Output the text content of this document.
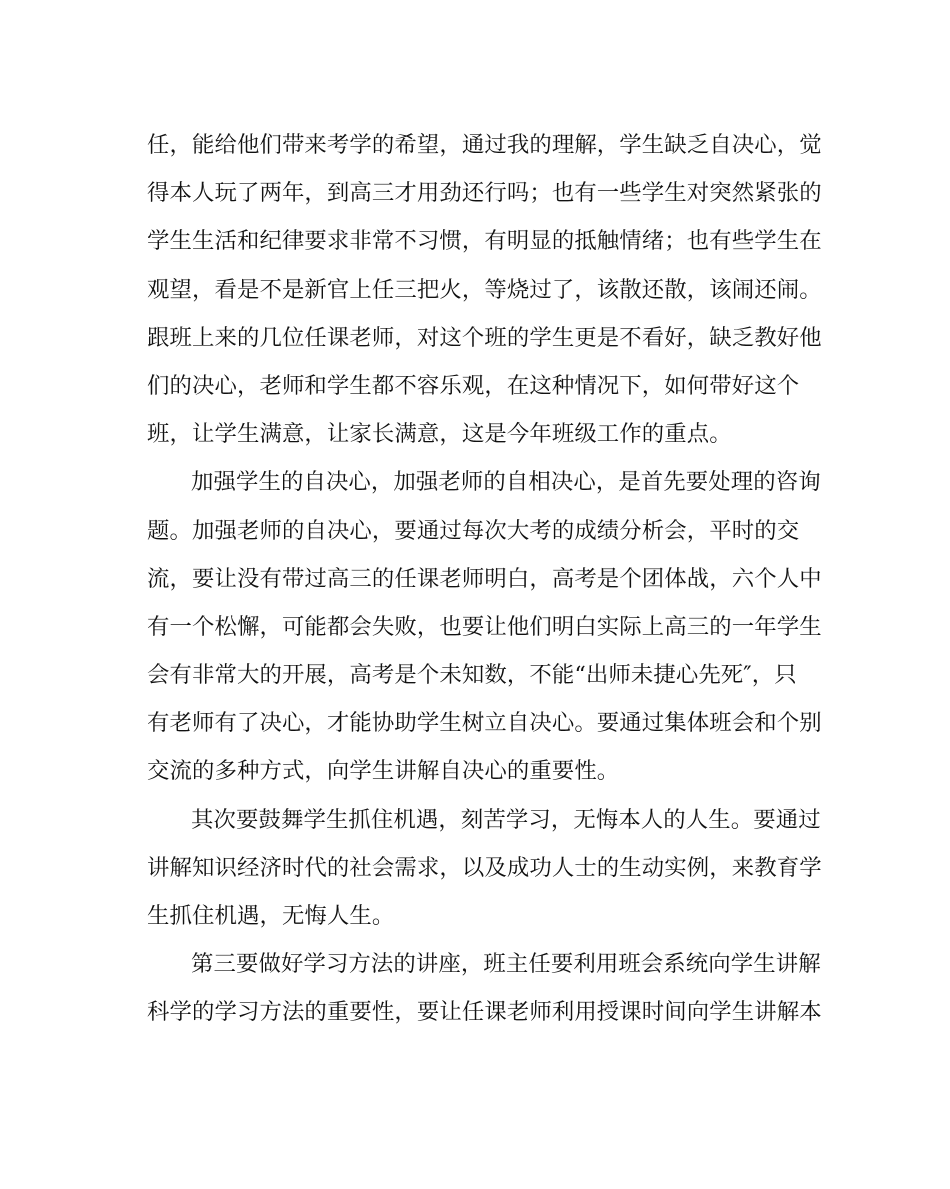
任，能给他们带来考学的希望，通过我的理解，学生缺乏自决心，觉
得本人玩了两年，到高三才用劲还行吗；也有一些学生对突然紧张的
学生生活和纪律要求非常不习惯，有明显的抵触情绪；也有些学生在
观望，看是不是新官上任三把火，等烧过了，该散还散，该闹还闹。
跟班上来的几位任课老师，对这个班的学生更是不看好，缺乏教好他
们的决心，老师和学生都不容乐观，在这种情况下，如何带好这个
班，让学生满意，让家长满意，这是今年班级工作的重点。
加强学生的自决心，加强老师的自相决心，是首先要处理的咨询
题。加强老师的自决心，要通过每次大考的成绩分析会，平时的交
流，要让没有带过高三的任课老师明白，高考是个团体战，六个人中
有一个松懈，可能都会失败，也要让他们明白实际上高三的一年学生
会有非常大的开展，高考是个未知数，不能“出师未捷心先死″，只
有老师有了决心，才能协助学生树立自决心。要通过集体班会和个别
交流的多种方式，向学生讲解自决心的重要性。
其次要鼓舞学生抓住机遇，刻苦学习，无悔本人的人生。要通过
讲解知识经济时代的社会需求，以及成功人士的生动实例，来教育学
生抓住机遇，无悔人生。
第三要做好学习方法的讲座，班主任要利用班会系统向学生讲解
科学的学习方法的重要性，要让任课老师利用授课时间向学生讲解本
